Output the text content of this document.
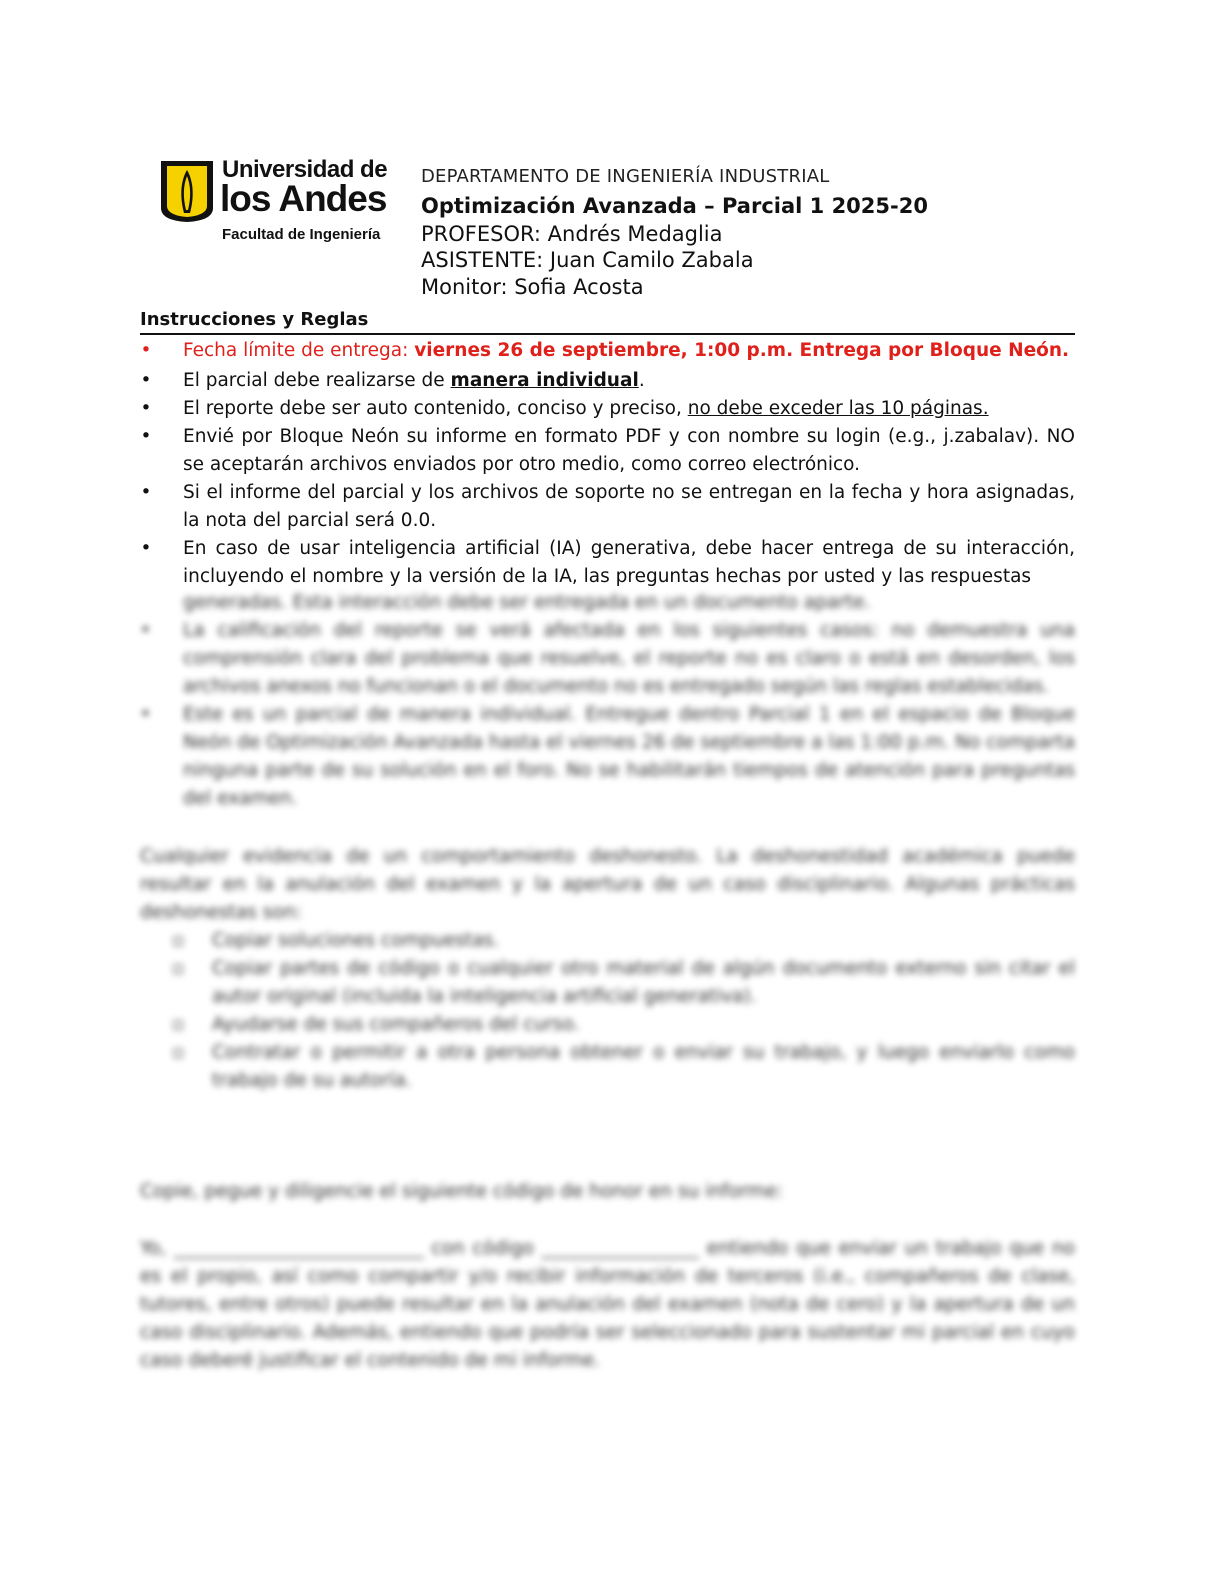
Universidad de
los Andes
Facultad de Ingeniería
DEPARTAMENTO DE INGENIERÍA INDUSTRIAL
Optimización Avanzada – Parcial 1 2025-20
PROFESOR: Andrés Medaglia
ASISTENTE: Juan Camilo Zabala
Monitor: Sofia Acosta
Instrucciones y Reglas
• Fecha límite de entrega: viernes 26 de septiembre, 1:00 p.m. Entrega por Bloque Neón.
• El parcial debe realizarse de manera individual.
• El reporte debe ser auto contenido, conciso y preciso, no debe exceder las 10 páginas.
• Envié por Bloque Neón su informe en formato PDF y con nombre su login (e.g., j.zabalav). NO se aceptarán archivos enviados por otro medio, como correo electrónico.
• Si el informe del parcial y los archivos de soporte no se entregan en la fecha y hora asignadas, la nota del parcial será 0.0.
• En caso de usar inteligencia artificial (IA) generativa, debe hacer entrega de su interacción, incluyendo el nombre y la versión de la IA, las preguntas hechas por usted y las respuestas
generadas. Esta interacción debe ser entregada en un documento aparte.
• La calificación del reporte se verá afectada en los siguientes casos: no demuestra una comprensión clara del problema que resuelve, el reporte no es claro o está en desorden, los archivos anexos no funcionan o el documento no es entregado según las reglas establecidas.
• Este es un parcial de manera individual. Entregue dentro Parcial 1 en el espacio de Bloque Neón de Optimización Avanzada hasta el viernes 26 de septiembre a las 1:00 p.m. No comparta ninguna parte de su solución en el foro. No se habilitarán tiempos de atención para preguntas del examen.
Cualquier evidencia de un comportamiento deshonesto. La deshonestidad académica puede resultar en la anulación del examen y la apertura de un caso disciplinario. Algunas prácticas deshonestas son:
▫ Copiar soluciones compuestas.
▫ Copiar partes de código o cualquier otro material de algún documento externo sin citar el autor original (incluida la inteligencia artificial generativa).
▫ Ayudarse de sus compañeros del curso.
▫ Contratar o permitir a otra persona obtener o enviar su trabajo, y luego enviarlo como trabajo de su autoría.
Copie, pegue y diligencie el siguiente código de honor en su informe:
Yo, ___________________________ con código _________________ entiendo que enviar un trabajo que no es el propio, así como compartir y/o recibir información de terceros (i.e., compañeros de clase, tutores, entre otros) puede resultar en la anulación del examen (nota de cero) y la apertura de un caso disciplinario. Además, entiendo que podría ser seleccionado para sustentar mi parcial en cuyo caso deberé justificar el contenido de mi informe.
